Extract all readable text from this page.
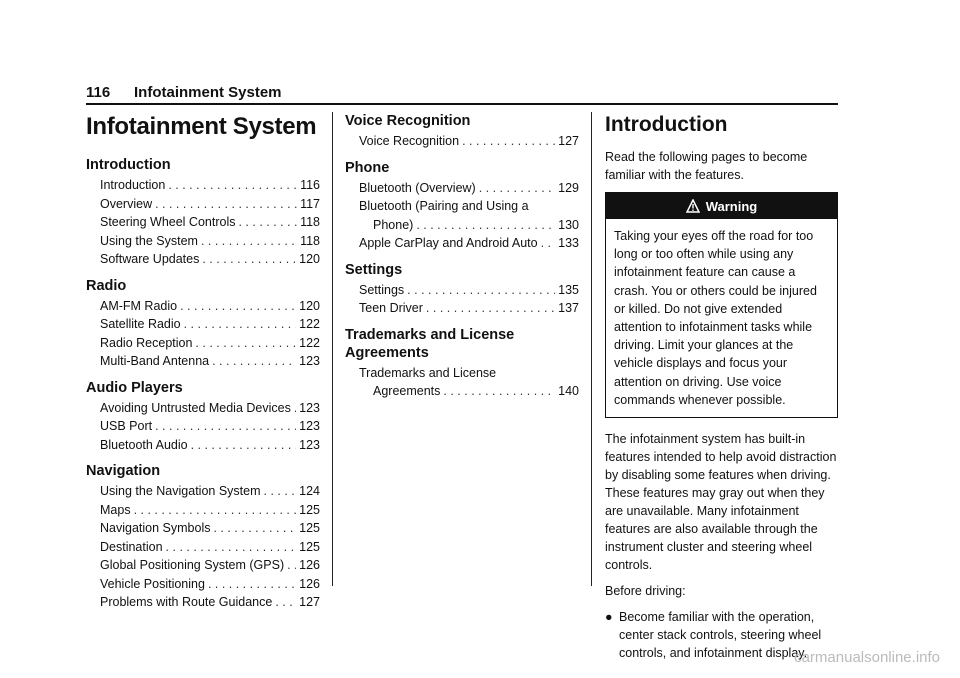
116 Infotainment System
Infotainment System
Introduction
Introduction . . .	116
Overview . . .	117
Steering Wheel Controls . . .	118
Using the System . . .	118
Software Updates . . .	120
Radio
AM-FM Radio . . .	120
Satellite Radio . . .	122
Radio Reception . . .	122
Multi-Band Antenna . . .	123
Audio Players
Avoiding Untrusted Media Devices . . . 123
USB Port . . .	123
Bluetooth Audio . . .	123
Navigation
Using the Navigation System . . .	124
Maps . . .	125
Navigation Symbols . . .	125
Destination . . .	125
Global Positioning System (GPS) . . . 126
Vehicle Positioning . . .	126
Problems with Route Guidance . . . 127
Voice Recognition
Voice Recognition . . .	127
Phone
Bluetooth (Overview) . . .	129
Bluetooth (Pairing and Using a
Phone) . . .	130
Apple CarPlay and Android Auto . . . 133
Settings
Settings . . .	135
Teen Driver . . .	137
Trademarks and License Agreements
Trademarks and License
Agreements . . .	140
Introduction

Read the following pages to become familiar with the features.

Warning
Taking your eyes off the road for too long or too often while using any infotainment feature can cause a crash. You or others could be injured or killed. Do not give extended attention to infotainment tasks while driving. Limit your glances at the vehicle displays and focus your attention on driving. Use voice commands whenever possible.

The infotainment system has built-in features intended to help avoid distraction by disabling some features when driving. These features may gray out when they are unavailable. Many infotainment features are also available through the instrument cluster and steering wheel controls.

Before driving:

● Become familiar with the operation, center stack controls, steering wheel controls, and infotainment display.
carmanualsonline.info
